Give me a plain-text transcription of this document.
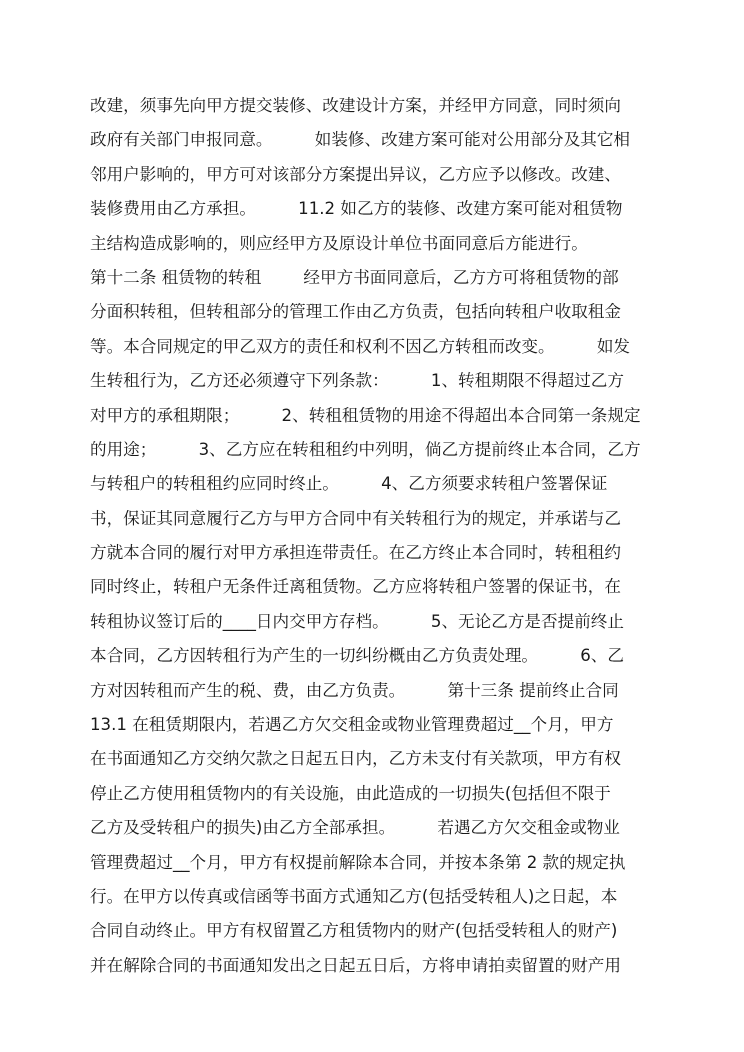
改建，须事先向甲方提交装修、改建设计方案，并经甲方同意，同时须向
政府有关部门申报同意。        如装修、改建方案可能对公用部分及其它相
邻用户影响的，甲方可对该部分方案提出异议，乙方应予以修改。改建、
装修费用由乙方承担。        11.2 如乙方的装修、改建方案可能对租赁物
主结构造成影响的，则应经甲方及原设计单位书面同意后方能进行。
第十二条 租赁物的转租        经甲方书面同意后，乙方方可将租赁物的部
分面积转租，但转租部分的管理工作由乙方负责，包括向转租户收取租金
等。本合同规定的甲乙双方的责任和权利不因乙方转租而改变。        如发
生转租行为，乙方还必须遵守下列条款：        1、转租期限不得超过乙方
对甲方的承租期限；        2、转租租赁物的用途不得超出本合同第一条规定
的用途；        3、乙方应在转租租约中列明，倘乙方提前终止本合同，乙方
与转租户的转租租约应同时终止。        4、乙方须要求转租户签署保证
书，保证其同意履行乙方与甲方合同中有关转租行为的规定，并承诺与乙
方就本合同的履行对甲方承担连带责任。在乙方终止本合同时，转租租约
同时终止，转租户无条件迁离租赁物。乙方应将转租户签署的保证书，在
转租协议签订后的____日内交甲方存档。        5、无论乙方是否提前终止
本合同，乙方因转租行为产生的一切纠纷概由乙方负责处理。        6、乙
方对因转租而产生的税、费，由乙方负责。        第十三条 提前终止合同
13.1 在租赁期限内，若遇乙方欠交租金或物业管理费超过__个月，甲方
在书面通知乙方交纳欠款之日起五日内，乙方未支付有关款项，甲方有权
停止乙方使用租赁物内的有关设施，由此造成的一切损失(包括但不限于
乙方及受转租户的损失)由乙方全部承担。        若遇乙方欠交租金或物业
管理费超过__个月，甲方有权提前解除本合同，并按本条第 2 款的规定执
行。在甲方以传真或信函等书面方式通知乙方(包括受转租人)之日起，本
合同自动终止。甲方有权留置乙方租赁物内的财产(包括受转租人的财产)
并在解除合同的书面通知发出之日起五日后，方将申请拍卖留置的财产用
